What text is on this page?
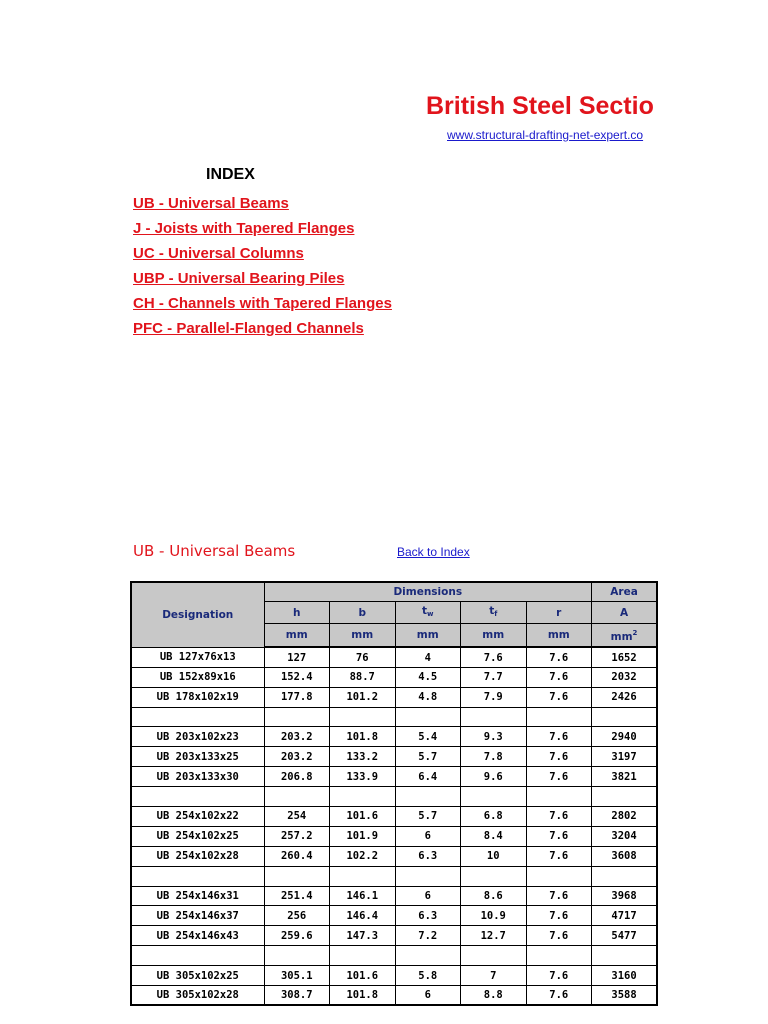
British Steel Sectio
www.structural-drafting-net-expert.co
INDEX
UB - Universal Beams
J - Joists with Tapered Flanges
UC - Universal Columns
UBP - Universal Bearing Piles
CH - Channels with Tapered Flanges
PFC - Parallel-Flanged Channels
UB - Universal Beams	Back to Index
Designation	Dimensions					Area
	h	b	$t_w$	$t_f$	r	A
	mm	mm	mm	mm	mm	$mm^2$
UB 127x76x13	127	76	4	7.6	7.6	1652
UB 152x89x16	152.4	88.7	4.5	7.7	7.6	2032
UB 178x102x19	177.8	101.2	4.8	7.9	7.6	2426

UB 203x102x23	203.2	101.8	5.4	9.3	7.6	2940
UB 203x133x25	203.2	133.2	5.7	7.8	7.6	3197
UB 203x133x30	206.8	133.9	6.4	9.6	7.6	3821

UB 254x102x22	254	101.6	5.7	6.8	7.6	2802
UB 254x102x25	257.2	101.9	6	8.4	7.6	3204
UB 254x102x28	260.4	102.2	6.3	10	7.6	3608

UB 254x146x31	251.4	146.1	6	8.6	7.6	3968
UB 254x146x37	256	146.4	6.3	10.9	7.6	4717
UB 254x146x43	259.6	147.3	7.2	12.7	7.6	5477

UB 305x102x25	305.1	101.6	5.8	7	7.6	3160
UB 305x102x28	308.7	101.8	6	8.8	7.6	3588
